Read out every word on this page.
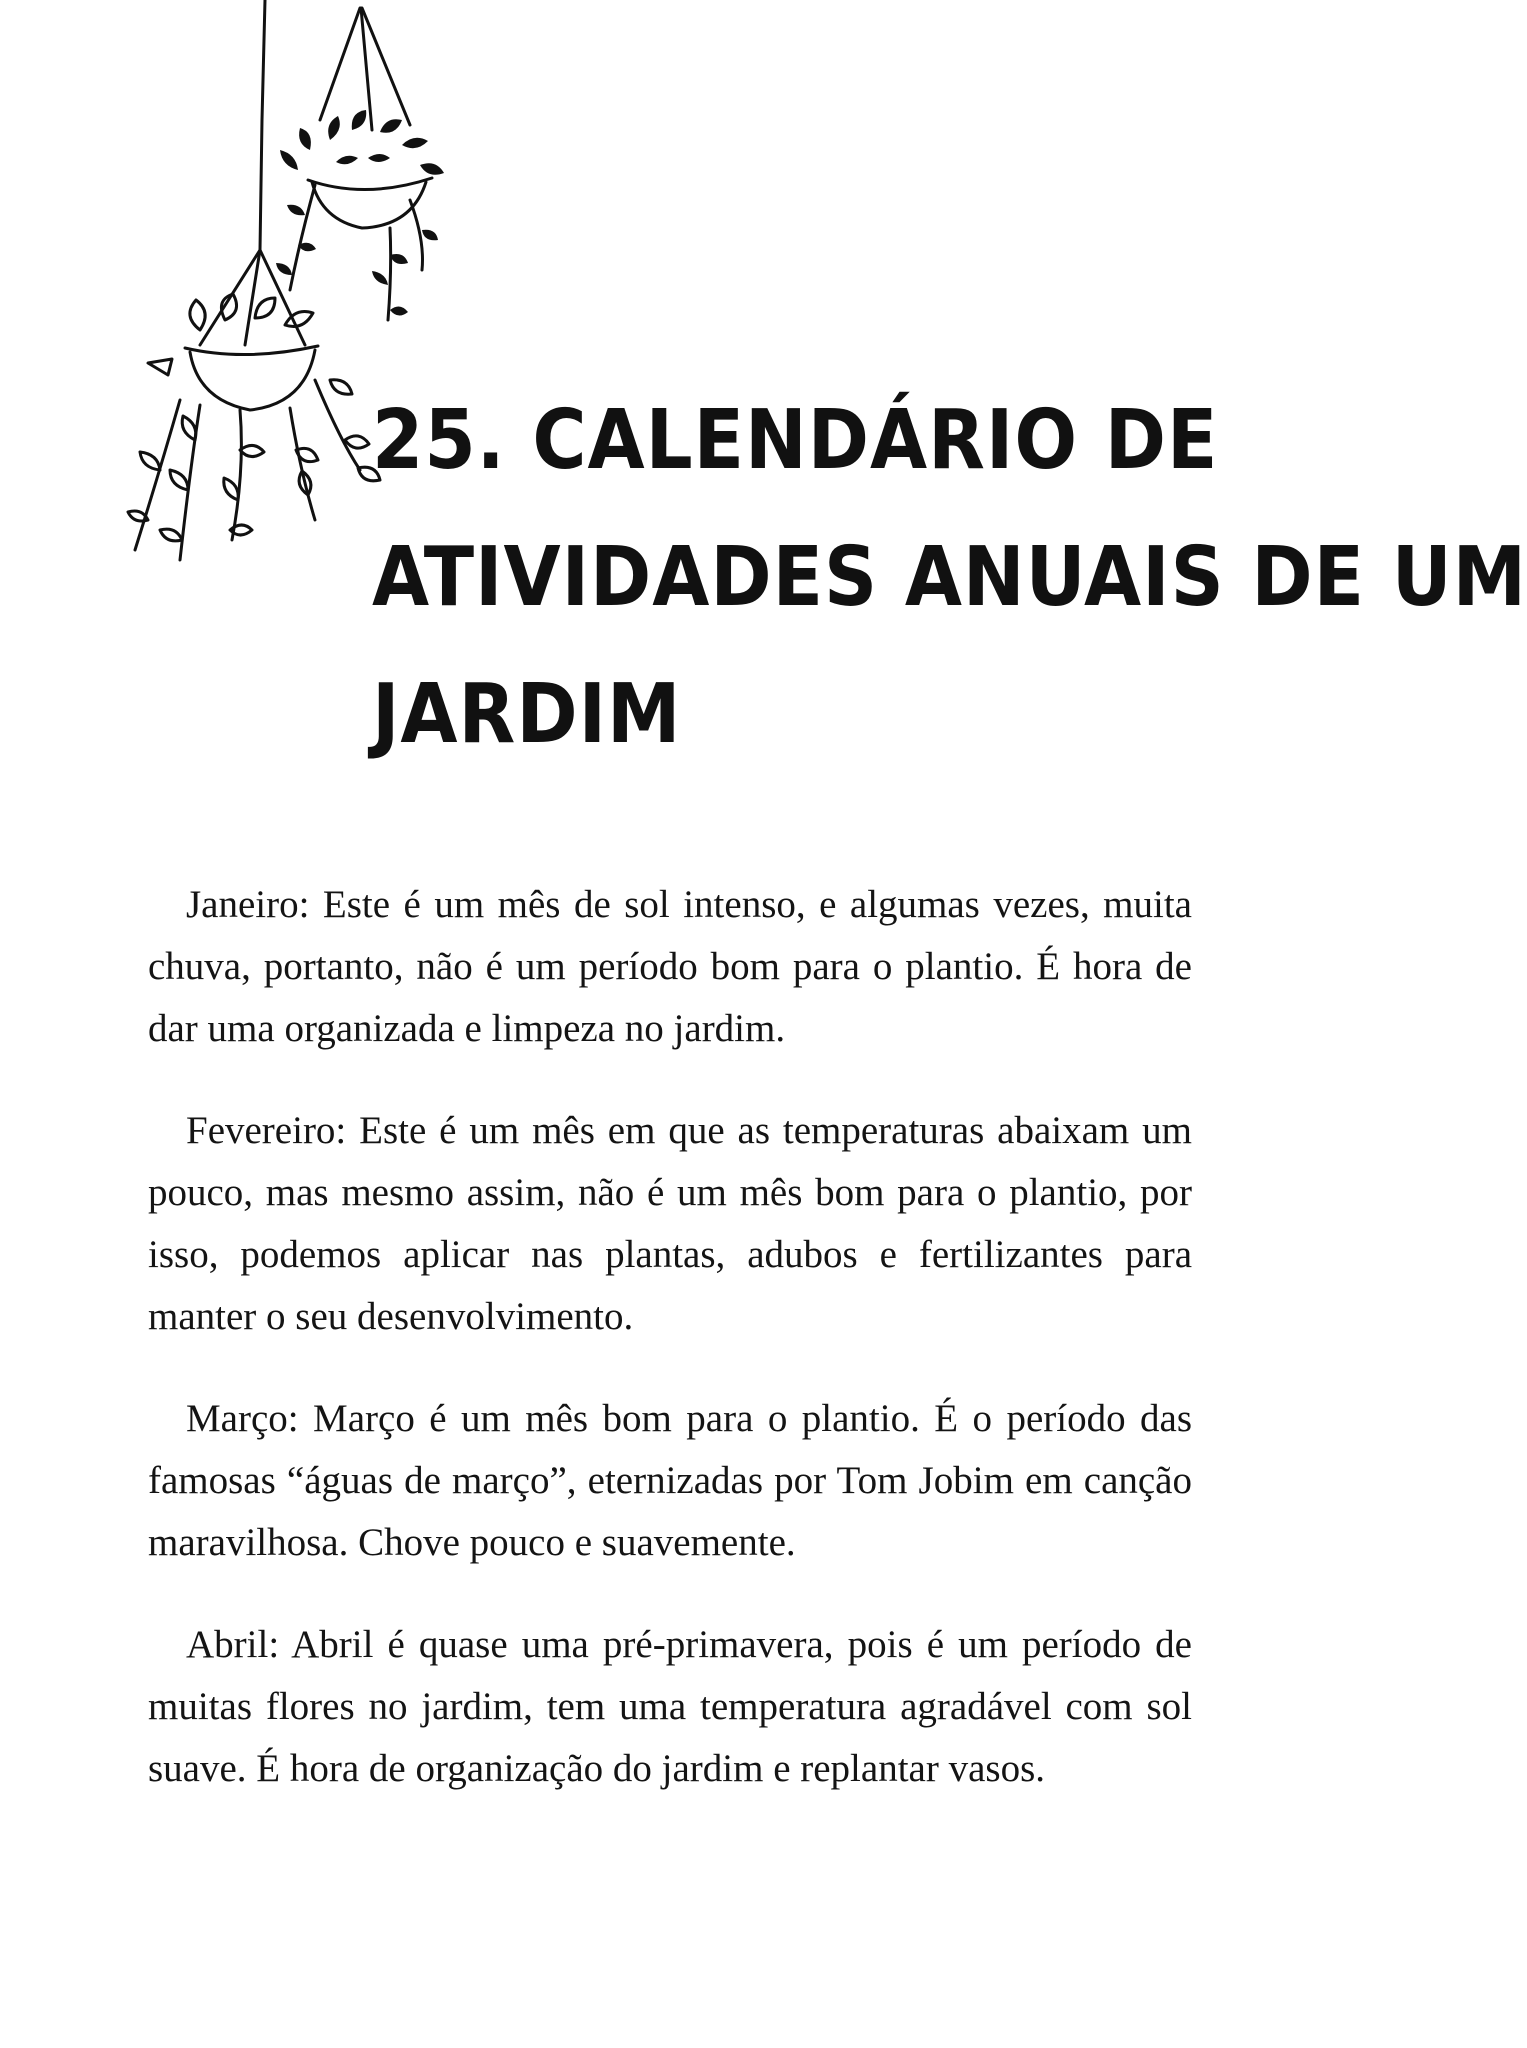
25. CALENDÁRIO DE
ATIVIDADES ANUAIS DE UM
JARDIM

Janeiro: Este é um mês de sol intenso, e algumas vezes, muita chuva, portanto, não é um período bom para o plantio. É hora de dar uma organizada e limpeza no jardim.

Fevereiro: Este é um mês em que as temperaturas abaixam um pouco, mas mesmo assim, não é um mês bom para o plantio, por isso, podemos aplicar nas plantas, adubos e fertilizantes para manter o seu desenvolvimento.

Março: Março é um mês bom para o plantio. É o período das famosas “águas de março”, eternizadas por Tom Jobim em canção maravilhosa. Chove pouco e suavemente.

Abril: Abril é quase uma pré-primavera, pois é um período de muitas flores no jardim, tem uma temperatura agradável com sol suave. É hora de organização do jardim e replantar vasos.
